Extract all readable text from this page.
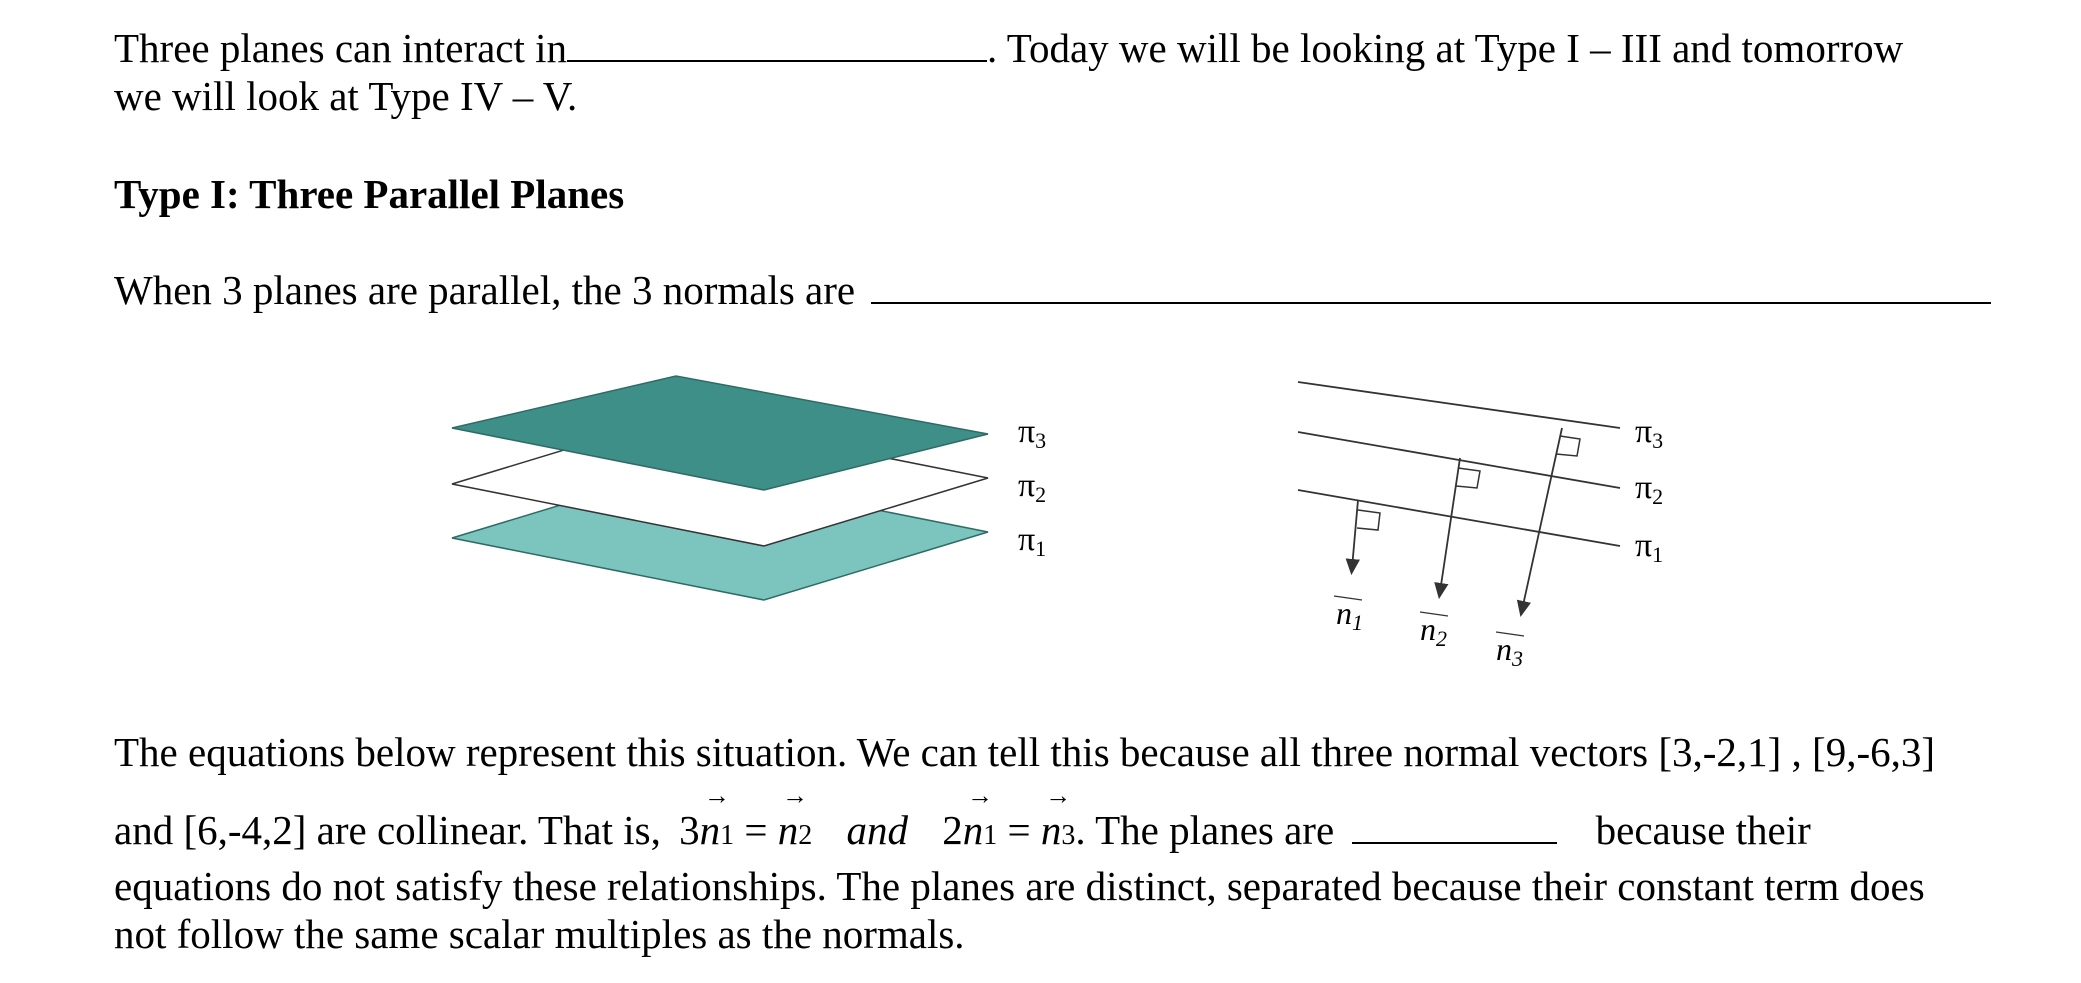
Three planes can interact in	. Today we will be looking at Type I – III and tomorrow
we will look at Type IV – V.
Type I: Three Parallel Planes
When 3 planes are parallel, the 3 normals are
π3
π2
π1
π3
π2
π1
n1 n2 n3
The equations below represent this situation. We can tell this because all three normal vectors [3,-2,1] , [9,-6,3]
and [6,-4,2] are collinear. That is, 3→ n1 = → n2 and 2→ n1 = → n3. The planes are	because their
equations do not satisfy these relationships. The planes are distinct, separated because their constant term does
not follow the same scalar multiples as the normals.
